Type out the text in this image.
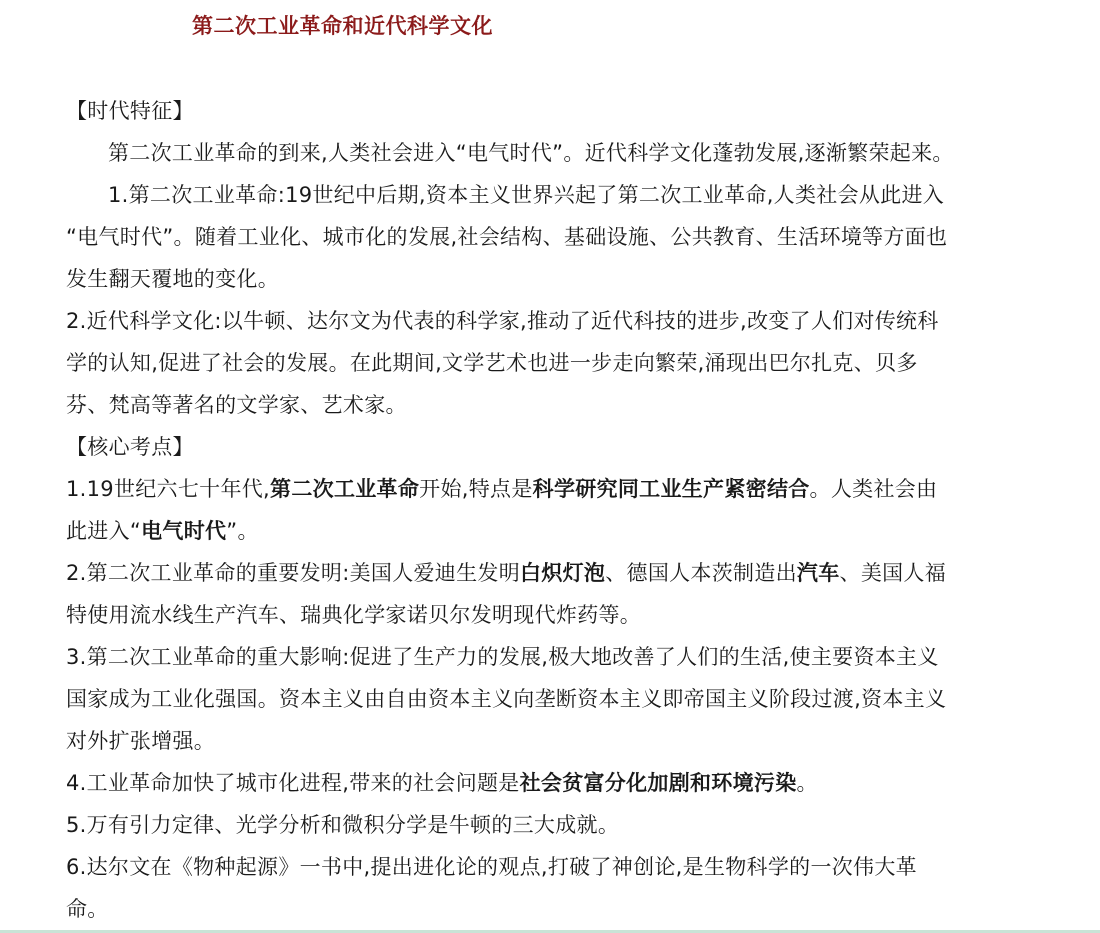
第二次工业革命和近代科学文化
【时代特征】
第二次工业革命的到来,人类社会进入“电气时代”。近代科学文化蓬勃发展,逐渐繁荣起来。
1.第二次工业革命:19世纪中后期,资本主义世界兴起了第二次工业革命,人类社会从此进入
“电气时代”。随着工业化、城市化的发展,社会结构、基础设施、公共教育、生活环境等方面也
发生翻天覆地的变化。
2.近代科学文化:以牛顿、达尔文为代表的科学家,推动了近代科技的进步,改变了人们对传统科
学的认知,促进了社会的发展。在此期间,文学艺术也进一步走向繁荣,涌现出巴尔扎克、贝多
芬、梵高等著名的文学家、艺术家。
【核心考点】
1.19世纪六七十年代,第二次工业革命开始,特点是科学研究同工业生产紧密结合。人类社会由
此进入“电气时代”。
2.第二次工业革命的重要发明:美国人爱迪生发明白炽灯泡、德国人本茨制造出汽车、美国人福
特使用流水线生产汽车、瑞典化学家诺贝尔发明现代炸药等。
3.第二次工业革命的重大影响:促进了生产力的发展,极大地改善了人们的生活,使主要资本主义
国家成为工业化强国。资本主义由自由资本主义向垄断资本主义即帝国主义阶段过渡,资本主义
对外扩张增强。
4.工业革命加快了城市化进程,带来的社会问题是社会贫富分化加剧和环境污染。
5.万有引力定律、光学分析和微积分学是牛顿的三大成就。
6.达尔文在《物种起源》一书中,提出进化论的观点,打破了神创论,是生物科学的一次伟大革
命。
